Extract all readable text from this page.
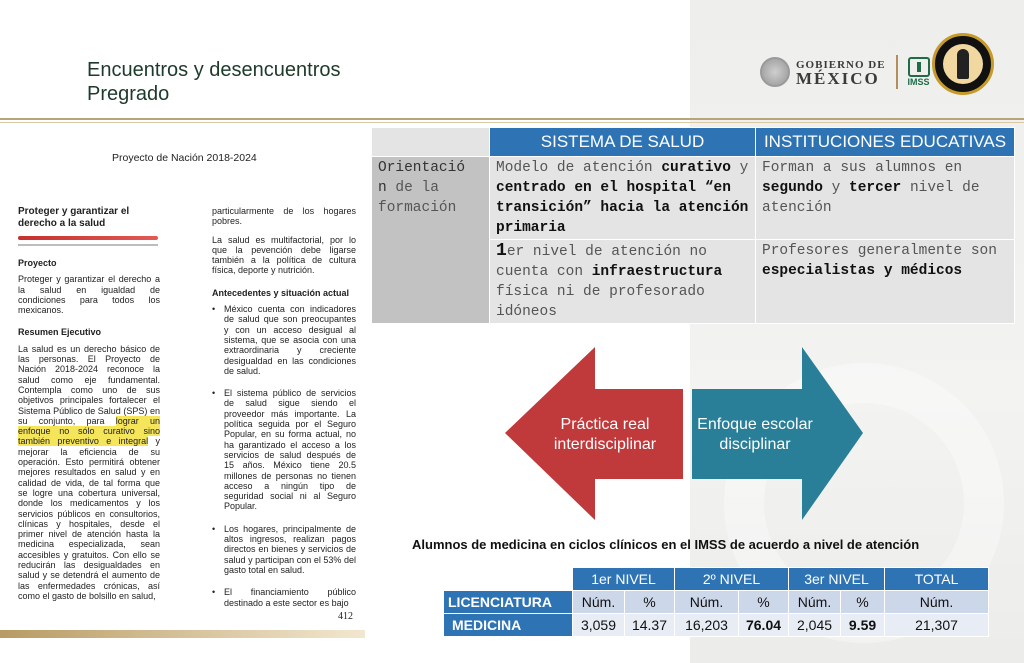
Encuentros y desencuentros
Pregrado
GOBIERNO DE
MÉXICO	IMSS
Proyecto de Nación 2018-2024
Proteger y garantizar el derecho a la salud
Proyecto

Proteger y garantizar el derecho a la salud en igualdad de condiciones para todos los mexicanos.

Resumen Ejecutivo

La salud es un derecho básico de las personas. El Proyecto de Nación 2018-2024 reconoce la salud como eje fundamental. Contempla como uno de sus objetivos principales fortalecer el Sistema Público de Salud (SPS) en su conjunto, para lograr un enfoque no sólo curativo sino también preventivo e integral y mejorar la eficiencia de su operación. Esto permitirá obtener mejores resultados en salud y en calidad de vida, de tal forma que se logre una cobertura universal, donde los medicamentos y los servicios públicos en consultorios, clínicas y hospitales, desde el primer nivel de atención hasta la medicina especializada, sean accesibles y gratuitos. Con ello se reducirán las desigualdades en salud y se detendrá el aumento de las enfermedades crónicas, así como el gasto de bolsillo en salud,

particularmente de los hogares pobres.

La salud es multifactorial, por lo que la pevención debe ligarse también a la política de cultura física, deporte y nutrición.

Antecedentes y situación actual
• México cuenta con indicadores de salud que son preocupantes y con un acceso desigual al sistema, que se asocia con una extraordinaria y creciente desigualdad en las condiciones de salud.
• El sistema público de servicios de salud sigue siendo el proveedor más importante. La política seguida por el Seguro Popular, en su forma actual, no ha garantizado el acceso a los servicios de salud después de 15 años. México tiene 20.5 millones de personas no tienen acceso a ningún tipo de seguridad social ni al Seguro Popular.
• Los hogares, principalmente de altos ingresos, realizan pagos directos en bienes y servicios de salud y participan con el 53% del gasto total en salud.
• El financiamiento público destinado a este sector es bajo
412
	SISTEMA DE SALUD	INSTITUCIONES EDUCATIVAS
Orientació
n de la formación	Modelo de atención curativo y centrado en el hospital “en transición” hacia la atención primaria	Forman a sus alumnos en segundo y tercer nivel de atención
	1er nivel de atención no cuenta con infraestructura física ni de profesorado idóneos	Profesores generalmente son especialistas y médicos
Práctica real interdisciplinar
Enfoque escolar disciplinar
Alumnos de medicina en ciclos clínicos en el IMSS de acuerdo a nivel de atención
	1er NIVEL		2º NIVEL		3er NIVEL		TOTAL
LICENCIATURA	Núm.	%	Núm.	%	Núm.	%	Núm.
MEDICINA	3,059	14.37	16,203	76.04	2,045	9.59	21,307
